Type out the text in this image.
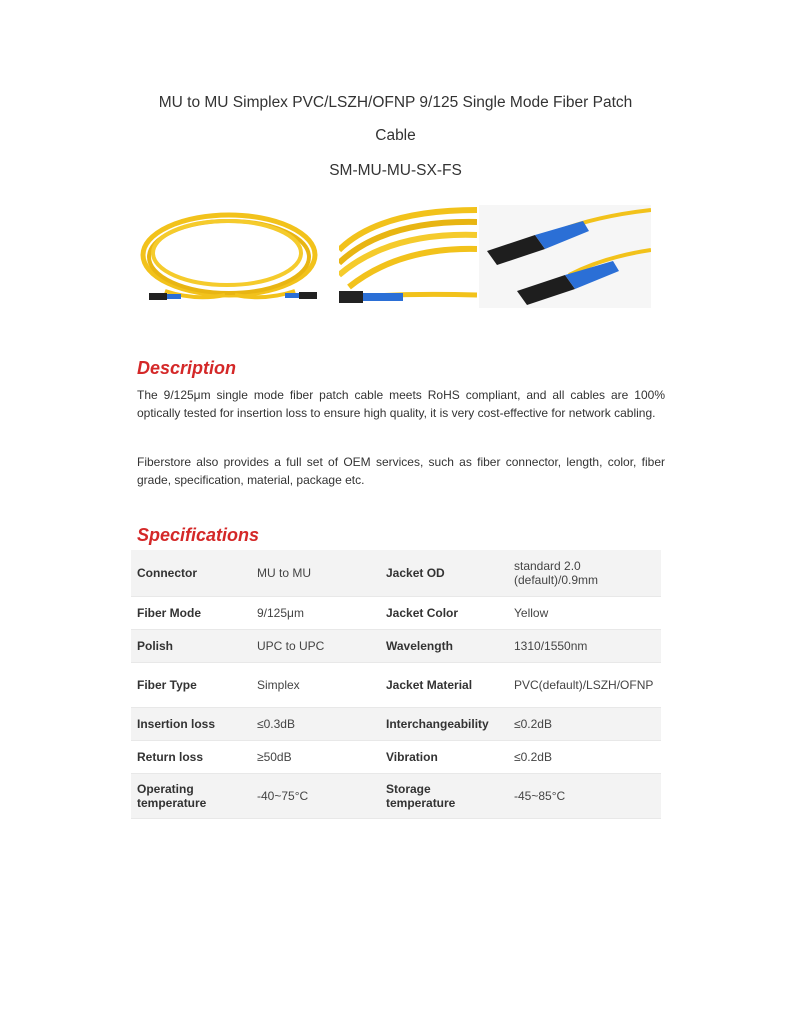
MU to MU Simplex PVC/LSZH/OFNP 9/125 Single Mode Fiber Patch
Cable
SM-MU-MU-SX-FS
Description

The 9/125μm single mode fiber patch cable meets RoHS compliant, and all cables are 100% optically tested for insertion loss to ensure high quality, it is very cost-effective for network cabling.

Fiberstore also provides a full set of OEM services, such as fiber connector, length, color, fiber grade, specification, material, package etc.

Specifications
Connector	MU to MU	Jacket OD	standard 2.0 (default)/0.9mm
Fiber Mode	9/125μm	Jacket Color	Yellow
Polish	UPC to UPC	Wavelength	1310/1550nm
Fiber Type	Simplex	Jacket Material	PVC(default)/LSZH/OFNP
Insertion loss	≤0.3dB	Interchangeability	≤0.2dB
Return loss	≥50dB	Vibration	≤0.2dB
Operating temperature	-40~75°C	Storage temperature	-45~85°C
